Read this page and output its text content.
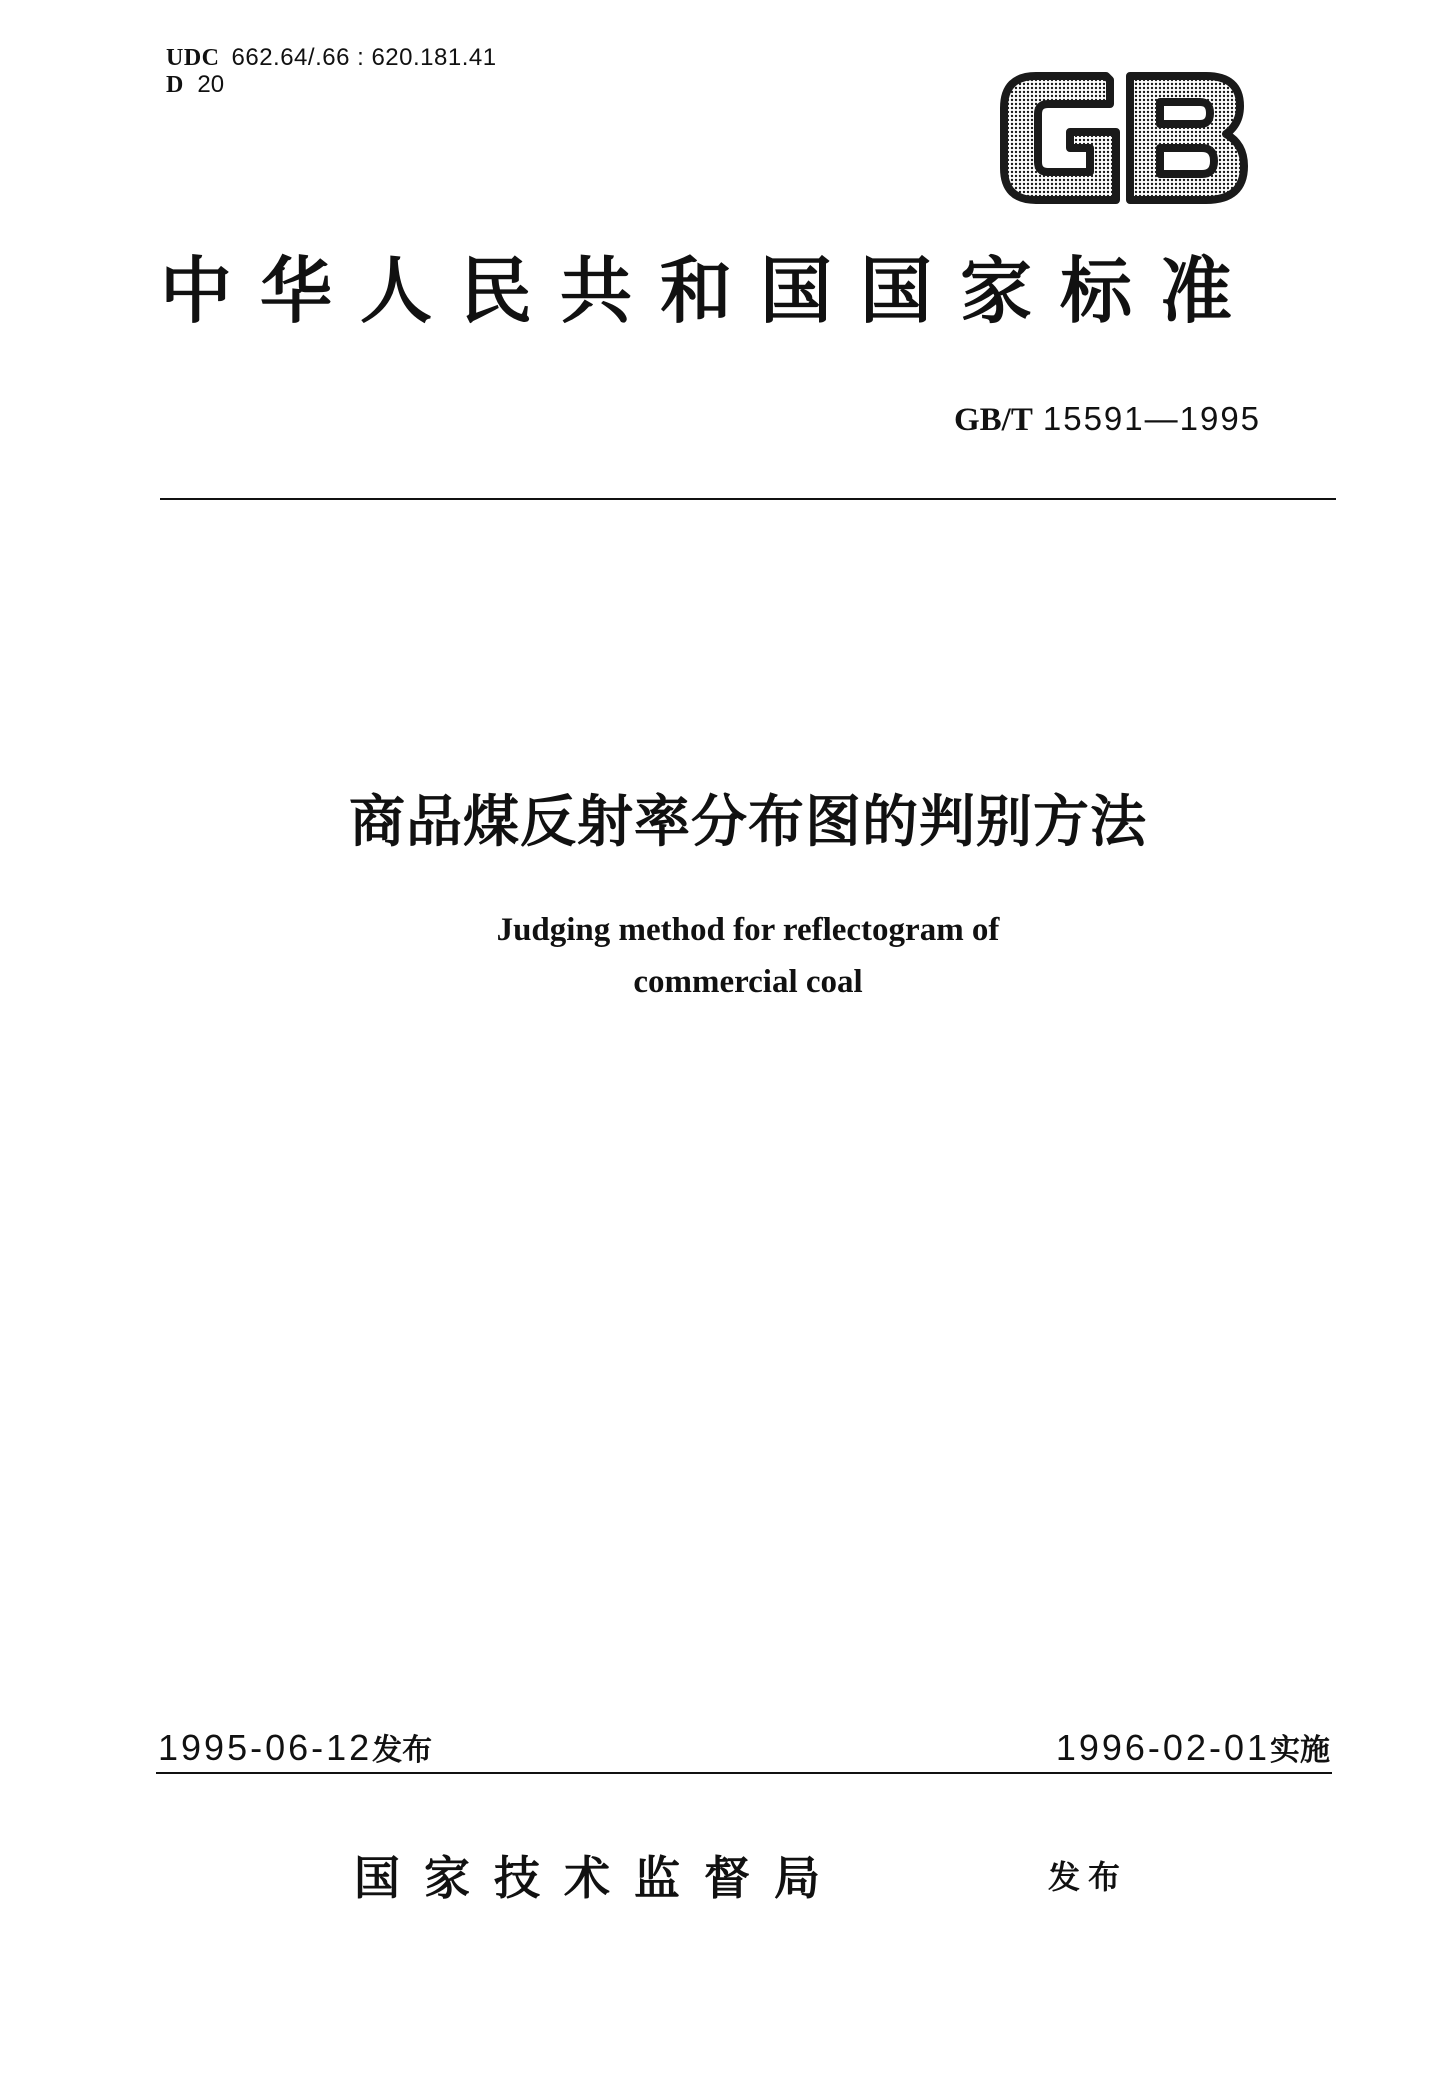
UDC 662.64/.66 : 620.181.41
D 20
中华人民共和国国家标准
GB/T 15591—1995
商品煤反射率分布图的判别方法
Judging method for reflectogram of
commercial coal
1995-06-12发布	1996-02-01实施
国家技术监督局	发布
